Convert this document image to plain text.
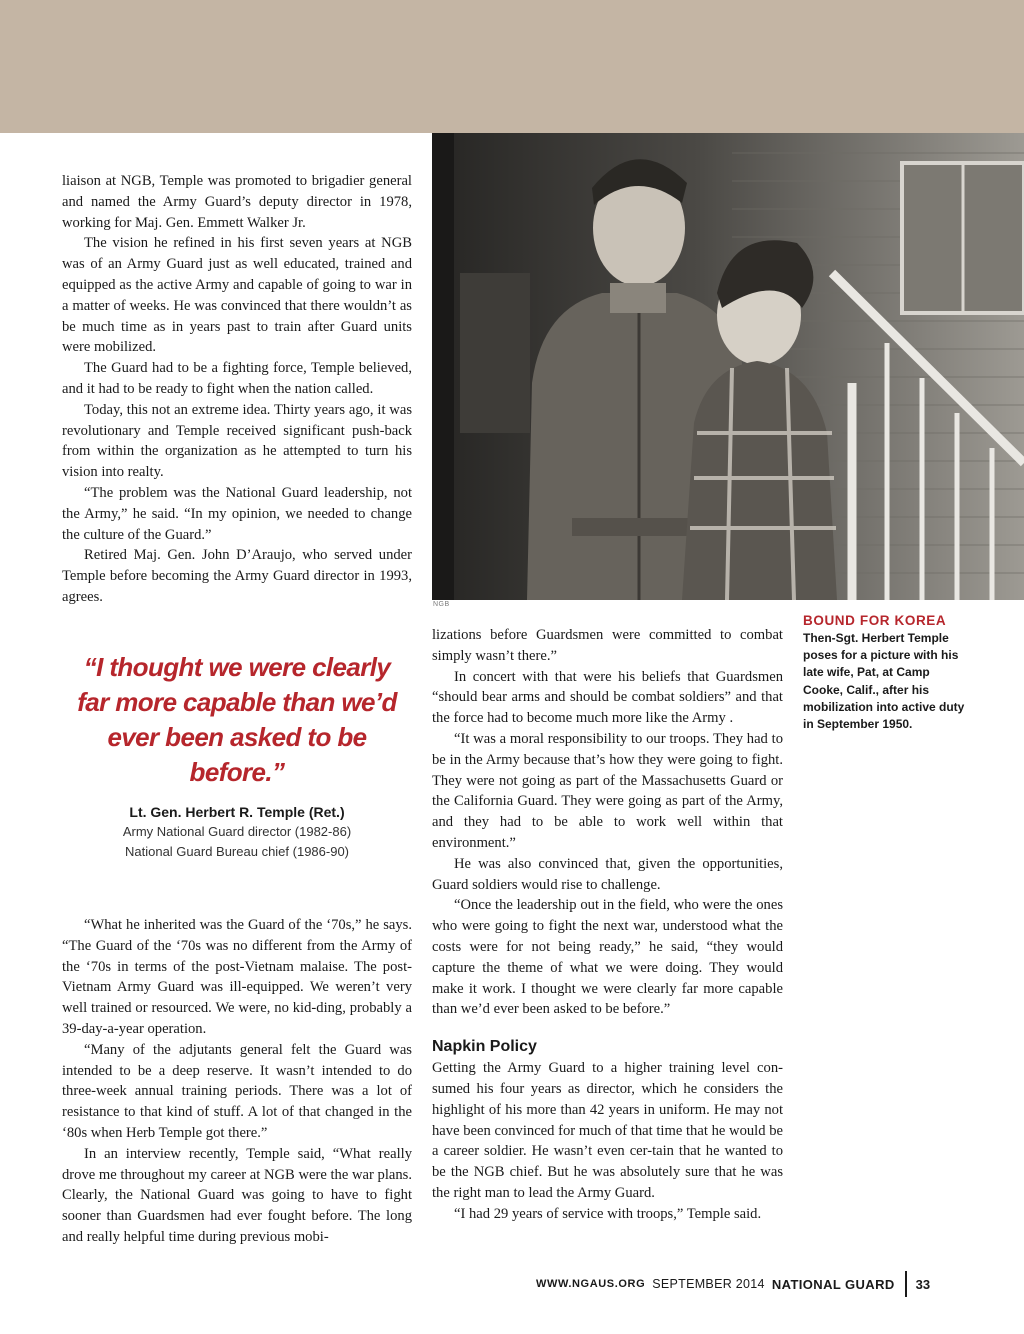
liaison at NGB, Temple was promoted to brigadier general and named the Army Guard’s deputy director in 1978, working for Maj. Gen. Emmett Walker Jr.

The vision he refined in his first seven years at NGB was of an Army Guard just as well educated, trained and equipped as the active Army and capable of going to war in a matter of weeks. He was convinced that there wouldn’t as be much time as in years past to train after Guard units were mobilized.

The Guard had to be a fighting force, Temple believed, and it had to be ready to fight when the nation called.

Today, this not an extreme idea. Thirty years ago, it was revolutionary and Temple received significant push-back from within the organization as he attempted to turn his vision into realty.

“The problem was the National Guard leadership, not the Army,” he said. “In my opinion, we needed to change the culture of the Guard.”

Retired Maj. Gen. John D’Araujo, who served under Temple before becoming the Army Guard director in 1993, agrees.

“I thought we were clearly far more capable than we’d ever been asked to be before.”
Lt. Gen. Herbert R. Temple (Ret.)
Army National Guard director (1982-86)
National Guard Bureau chief (1986-90)

“What he inherited was the Guard of the ‘70s,” he says. “The Guard of the ‘70s was no different from the Army of the ‘70s in terms of the post-Vietnam malaise. The post-Vietnam Army Guard was ill-equipped. We weren’t very well trained or resourced. We were, no kid-ding, probably a 39-day-a-year operation.

“Many of the adjutants general felt the Guard was intended to be a deep reserve. It wasn’t intended to do three-week annual training periods. There was a lot of resistance to that kind of stuff. A lot of that changed in the ‘80s when Herb Temple got there.”

In an interview recently, Temple said, “What really drove me throughout my career at NGB were the war plans. Clearly, the National Guard was going to have to fight sooner than Guardsmen had ever fought before. The long and really helpful time during previous mobi-

NGB
BOUND FOR KOREA
Then-Sgt. Herbert Temple poses for a picture with his late wife, Pat, at Camp Cooke, Calif., after his mobilization into active duty in September 1950.

lizations before Guardsmen were committed to combat simply wasn’t there.”

In concert with that were his beliefs that Guardsmen “should bear arms and should be combat soldiers” and that the force had to become much more like the Army .

“It was a moral responsibility to our troops. They had to be in the Army because that’s how they were going to fight. They were not going as part of the Massachusetts Guard or the California Guard. They were going as part of the Army, and they had to be able to work well within that environment.”

He was also convinced that, given the opportunities, Guard soldiers would rise to challenge.

“Once the leadership out in the field, who were the ones who were going to fight the next war, understood what the costs were for not being ready,” he said, “they would capture the theme of what we were doing. They would make it work. I thought we were clearly far more capable than we’d ever been asked to be before.”

Napkin Policy

Getting the Army Guard to a higher training level con-sumed his four years as director, which he considers the highlight of his more than 42 years in uniform. He may not have been convinced for much of that time that he would be a career soldier. He wasn’t even cer-tain that he wanted to be the NGB chief. But he was absolutely sure that he was the right man to lead the Army Guard.

“I had 29 years of service with troops,” Temple said.

WWW.NGAUS.ORG SEPTEMBER 2014 NATIONAL GUARD 33
